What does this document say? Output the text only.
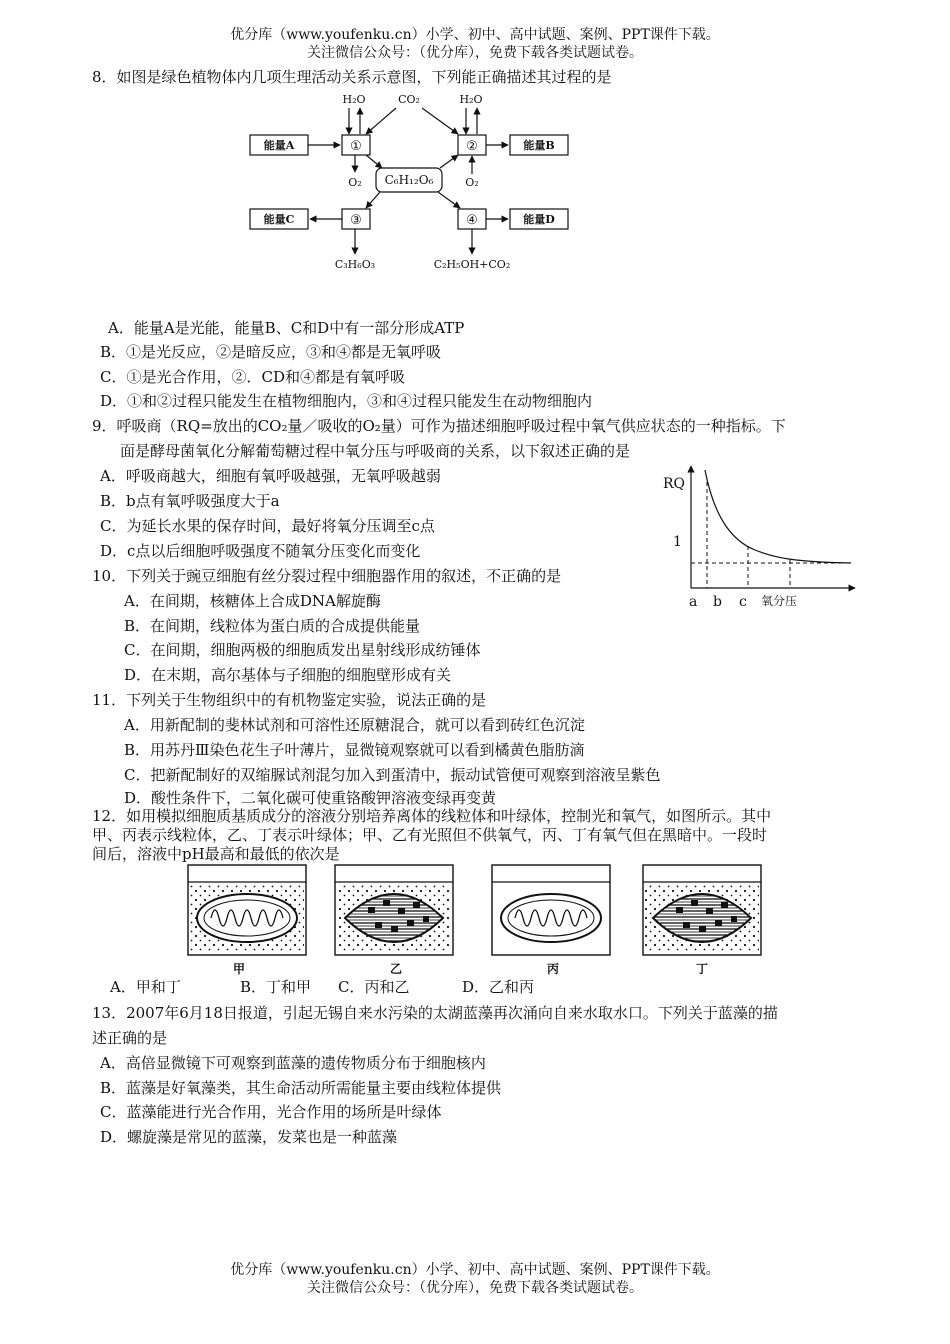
优分库（www.youfenku.cn）小学、初中、高中试题、案例、PPT课件下载。
关注微信公众号：（优分库），免费下载各类试题试卷。
8．如图是绿色植物体内几项生理活动关系示意图，下列能正确描述其过程的是
能量A	①	②	能量B
能量C	③	④	能量D
C₆H₁₂O₆
H₂O	CO₂	H₂O
O₂	O₂
C₃H₆O₃	C₂H₅OH+CO₂
A．能量A是光能，能量B、C和D中有一部分形成ATP
B．①是光反应，②是暗反应，③和④都是无氧呼吸
C．①是光合作用，②．CD和④都是有氧呼吸
D．①和②过程只能发生在植物细胞内，③和④过程只能发生在动物细胞内
9．呼吸商（RQ=放出的CO₂量／吸收的O₂量）可作为描述细胞呼吸过程中氧气供应状态的一种指标。下
面是酵母菌氧化分解葡萄糖过程中氧分压与呼吸商的关系，以下叙述正确的是
A．呼吸商越大，细胞有氧呼吸越强，无氧呼吸越弱
B．b点有氧呼吸强度大于a
C．为延长水果的保存时间，最好将氧分压调至c点
D．c点以后细胞呼吸强度不随氧分压变化而变化
RQ
1
a b c 氧分压
10．下列关于豌豆细胞有丝分裂过程中细胞器作用的叙述，不正确的是
A．在间期，核糖体上合成DNA解旋酶
B．在间期，线粒体为蛋白质的合成提供能量
C．在间期，细胞两极的细胞质发出星射线形成纺锤体
D．在末期，高尔基体与子细胞的细胞壁形成有关
11．下列关于生物组织中的有机物鉴定实验，说法正确的是
A．用新配制的斐林试剂和可溶性还原糖混合，就可以看到砖红色沉淀
B．用苏丹Ⅲ染色花生子叶薄片，显微镜观察就可以看到橘黄色脂肪滴
C．把新配制好的双缩脲试剂混匀加入到蛋清中，振动试管便可观察到溶液呈紫色
D．酸性条件下，二氧化碳可使重铬酸钾溶液变绿再变黄
12．如用模拟细胞质基质成分的溶液分别培养离体的线粒体和叶绿体，控制光和氧气，如图所示。其中
甲、丙表示线粒体，乙、丁表示叶绿体；甲、乙有光照但不供氧气，丙、丁有氧气但在黑暗中。一段时
间后，溶液中pH最高和最低的依次是
甲	乙	丙	丁
A．甲和丁	B．丁和甲 C．丙和乙	D．乙和丙
13．2007年6月18日报道，引起无锡自来水污染的太湖蓝藻再次涌向自来水取水口。下列关于蓝藻的描
述正确的是
A．高倍显微镜下可观察到蓝藻的遗传物质分布于细胞核内
B．蓝藻是好氧藻类，其生命活动所需能量主要由线粒体提供
C．蓝藻能进行光合作用，光合作用的场所是叶绿体
D．螺旋藻是常见的蓝藻，发菜也是一种蓝藻
优分库（www.youfenku.cn）小学、初中、高中试题、案例、PPT课件下载。
关注微信公众号：（优分库），免费下载各类试题试卷。
